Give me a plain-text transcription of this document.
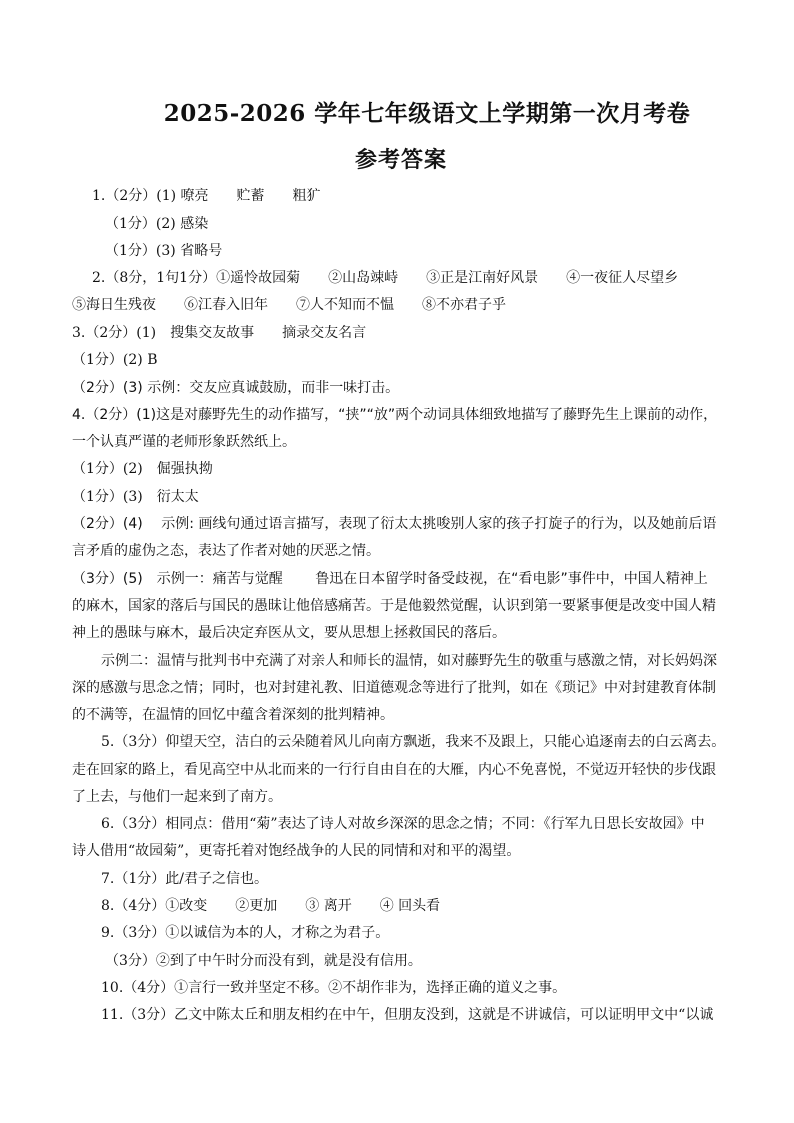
2025-2026 学年七年级语文上学期第一次月考卷
参考答案
1.（2分）(1) 嘹亮　　贮蓄　　粗犷
（1分）(2) 感染
（1分）(3) 省略号
2.（8分，1句1分）①遥怜故园菊　　②山岛竦峙　　③正是江南好风景　　④一夜征人尽望乡
⑤海日生残夜　　⑥江春入旧年　　⑦人不知而不愠　　⑧不亦君子乎
3.（2分）(1)　搜集交友故事　　摘录交友名言
（1分）(2) B
（2分）(3) 示例：交友应真诚鼓励，而非一味打击。
4.（2分）(1)这是对藤野先生的动作描写，“挟”“放”两个动词具体细致地描写了藤野先生上课前的动作，
一个认真严谨的老师形象跃然纸上。
（1分）(2)　倔强执拗
（1分）(3)　衍太太
（2分）(4)　 示例: 画线句通过语言描写，表现了衍太太挑唆别人家的孩子打旋子的行为，以及她前后语
言矛盾的虚伪之态，表达了作者对她的厌恶之情。
（3分）(5)　示例一：痛苦与觉醒　　 鲁迅在日本留学时备受歧视，在“看电影”事件中，中国人精神上
的麻木，国家的落后与国民的愚昧让他倍感痛苦。于是他毅然觉醒，认识到第一要紧事便是改变中国人精
神上的愚昧与麻木，最后决定弃医从文，要从思想上拯救国民的落后。
示例二：温情与批判书中充满了对亲人和师长的温情，如对藤野先生的敬重与感激之情，对长妈妈深
深的感激与思念之情；同时，也对封建礼教、旧道德观念等进行了批判，如在《琐记》中对封建教育体制
的不满等，在温情的回忆中蕴含着深刻的批判精神。
5.（3分）仰望天空，洁白的云朵随着风儿向南方飘逝，我来不及跟上，只能心追逐南去的白云离去。
走在回家的路上，看见高空中从北而来的一行行自由自在的大雁，内心不免喜悦，不觉迈开轻快的步伐跟
了上去，与他们一起来到了南方。
6.（3分）相同点：借用“菊”表达了诗人对故乡深深的思念之情；不同：《行军九日思长安故园》中
诗人借用“故园菊”，更寄托着对饱经战争的人民的同情和对和平的渴望。
7.（1分）此/君子之信也。
8.（4分）①改变　　②更加　　③ 离开　　④ 回头看
9.（3分）①以诚信为本的人，才称之为君子。
（3分）②到了中午时分而没有到，就是没有信用。
10.（4分）①言行一致并坚定不移。②不胡作非为，选择正确的道义之事。
11.（3分）乙文中陈太丘和朋友相约在中午，但朋友没到，这就是不讲诚信，可以证明甲文中“以诚
